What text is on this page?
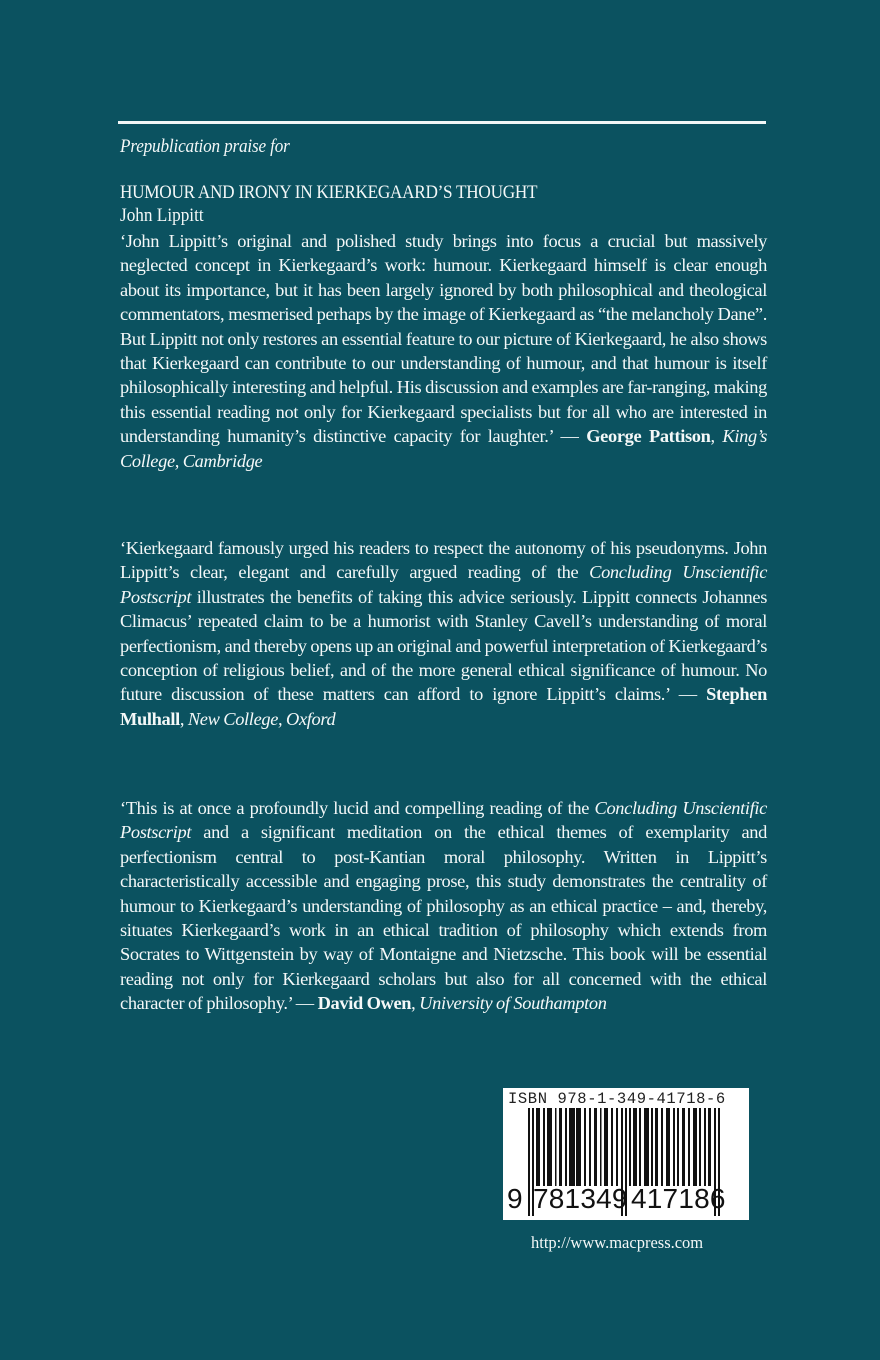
Prepublication praise for
HUMOUR AND IRONY IN KIERKEGAARD’S THOUGHT
John Lippitt

‘John Lippitt’s original and polished study brings into focus a crucial but massively neglected concept in Kierkegaard’s work: humour. Kierkegaard himself is clear enough about its importance, but it has been largely ignored by both philosophical and theological commentators, mesmerised perhaps by the image of Kierkegaard as “the melancholy Dane”. But Lippitt not only restores an essential feature to our picture of Kierkegaard, he also shows that Kierkegaard can contribute to our understanding of humour, and that humour is itself philosophically interesting and helpful. His discussion and examples are far-ranging, making this essential reading not only for Kierkegaard specialists but for all who are interested in understanding humanity’s distinctive capacity for laughter.’ — George Pattison, King’s College, Cambridge

‘Kierkegaard famously urged his readers to respect the autonomy of his pseudonyms. John Lippitt’s clear, elegant and carefully argued reading of the Concluding Unscientific Postscript illustrates the benefits of taking this advice seriously. Lippitt connects Johannes Climacus’ repeated claim to be a humorist with Stanley Cavell’s understanding of moral perfectionism, and thereby opens up an original and powerful interpretation of Kierkegaard’s conception of religious belief, and of the more general ethical significance of humour. No future discussion of these matters can afford to ignore Lippitt’s claims.’ — Stephen Mulhall, New College, Oxford

‘This is at once a profoundly lucid and compelling reading of the Concluding Unscientific Postscript and a significant meditation on the ethical themes of exemplarity and perfectionism central to post-Kantian moral philosophy. Written in Lippitt’s characteristically accessible and engaging prose, this study demonstrates the centrality of humour to Kierkegaard’s understanding of philosophy as an ethical practice – and, thereby, situates Kierkegaard’s work in an ethical tradition of philosophy which extends from Socrates to Wittgenstein by way of Montaigne and Nietzsche. This book will be essential reading not only for Kierkegaard scholars but also for all concerned with the ethical character of philosophy.’ — David Owen, University of Southampton

ISBN 978-1-349-41718-6
9 781349 417186
http://www.macpress.com
